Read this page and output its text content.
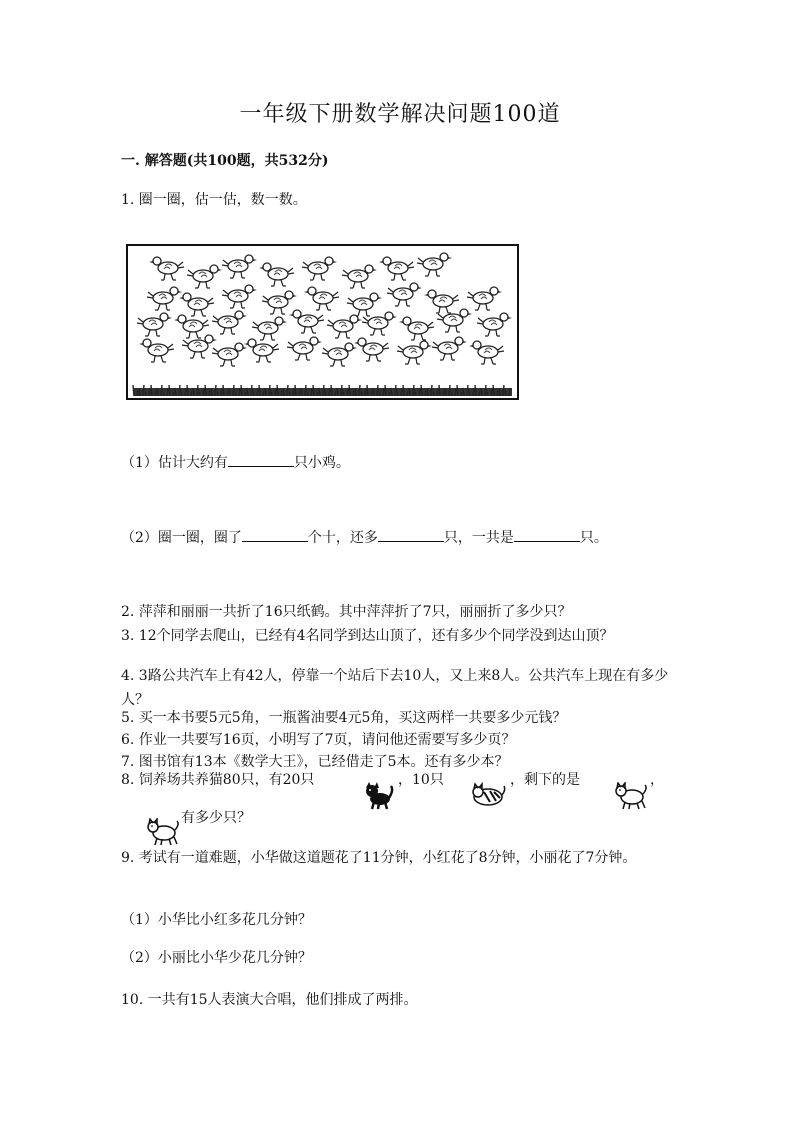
一年级下册数学解决问题100道
一. 解答题(共100题，共532分)
1. 圈一圈，估一估，数一数。
（1）估计大约有	只小鸡。
（2）圈一圈，圈了	个十，还多	只，一共是	只。
2. 萍萍和丽丽一共折了16只纸鹤。其中萍萍折了7只，丽丽折了多少只？
3. 12个同学去爬山，已经有4名同学到达山顶了，还有多少个同学没到达山顶？
4. 3路公共汽车上有42人，停靠一个站后下去10人，又上来8人。公共汽车上现在有多少人？
5. 买一本书要5元5角，一瓶酱油要4元5角，买这两样一共要多少元钱？
6. 作业一共要写16页，小明写了7页，请问他还需要写多少页？
7. 图书馆有13本《数学大王》，已经借走了5本。还有多少本？
8. 饲养场共养猫80只，有20只	，10只	，剩下的是	，
有多少只？
9. 考试有一道难题，小华做这道题花了11分钟，小红花了8分钟，小丽花了7分钟。
（1）小华比小红多花几分钟？
（2）小丽比小华少花几分钟？
10. 一共有15人表演大合唱，他们排成了两排。
